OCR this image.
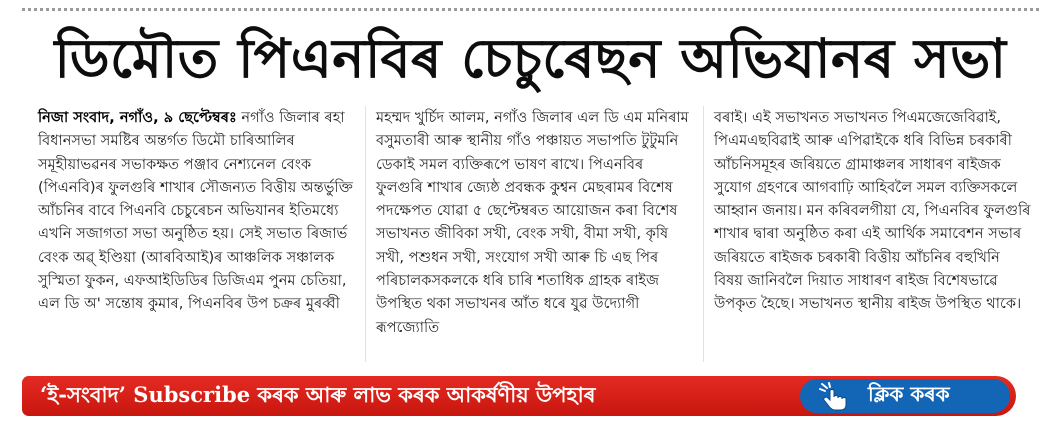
ডিমৌত পিএনবিৰ চেচুৰেছন অভিযানৰ সভা

নিজা সংবাদ, নগাঁও, ৯ ছেপ্টেম্বৰঃ নগাঁও জিলাৰ ৰহা বিধানসভা সমষ্টিৰ অন্তৰ্গত ডিমৌ চাৰিআলিৰ সমূহীয়াভৱনৰ সভাকক্ষত পঞ্জাব নেশ্যনেল বেংক (পিএনবি)ৰ ফুলগুৰি শাখাৰ সৌজন্যত বিত্তীয় অন্তৰ্ভুক্তি আঁচনিৰ বাবে পিএনবি চেচুৰেচন অভিযানৰ ইতিমধ্যে এখনি সজাগতা সভা অনুষ্ঠিত হয়। সেই সভাত ৰিজাৰ্ভ বেংক অৱ্ ইণ্ডিয়া (আৰবিআই)ৰ আঞ্চলিক সঞ্চালক সুস্মিতা ফুকন, এফআইডিডিৰ ডিজিএম পুনম চেতিয়া, এল ডি অ' সন্তোষ কুমাৰ, পিএনবিৰ উপ চক্ৰৰ মুৰব্বী

মহম্মদ খুৰ্চিদ আলম, নগাঁও জিলাৰ এল ডি এম মনিৰাম বসুমতাৰী আৰু স্থানীয় গাঁও পঞ্চায়ত সভাপতি টুটুমনি ডেকাই সমল ব্যক্তিৰূপে ভাষণ ৰাখে। পিএনবিৰ ফুলগুৰি শাখাৰ জ্যেষ্ঠ প্ৰবন্ধক কুশ্বন মেছৰামৰ বিশেষ পদক্ষেপত যোৱা ৫ ছেপ্টেম্বৰত আয়োজন কৰা বিশেষ সভাখনত জীবিকা সখী, বেংক সখী, বীমা সখী, কৃষি সখী, পশুধন সখী, সংযোগ সখী আৰু চি এছ পিৰ পৰিচালকসকলকে ধৰি চাৰি শতাধিক গ্ৰাহক ৰাইজ উপস্থিত থকা সভাখনৰ আঁত ধৰে যুৱ উদ্যোগী ৰূপজ্যোতি

বৰাই। এই সভাখনত সভাখনত পিএমজেজেবিৱাই, পিএমএছবিৱাই আৰু এপিৱাইকে ধৰি বিভিন্ন চৰকাৰী আঁচনিসমূহৰ জৰিয়তে গ্ৰামাঞ্চলৰ সাধাৰণ ৰাইজক সুযোগ গ্ৰহণৰে আগবাঢ়ি আহিবলৈ সমল ব্যক্তিসকলে আহ্বান জনায়। মন কৰিবলগীয়া যে, পিএনবিৰ ফুলগুৰি শাখাৰ দ্বাৰা অনুষ্ঠিত কৰা এই আৰ্থিক সমাবেশন সভাৰ জৰিয়তে ৰাইজক চৰকাৰী বিত্তীয় আঁচনিৰ বহুখিনি বিষয় জানিবলৈ দিয়াত সাধাৰণ ৰাইজ বিশেষভাৱে উপকৃত হৈছে। সভাখনত স্থানীয় ৰাইজ উপস্থিত থাকে।

‘ই-সংবাদ’ Subscribe কৰক আৰু লাভ কৰক আকৰ্ষণীয় উপহাৰ	ক্লিক কৰক
